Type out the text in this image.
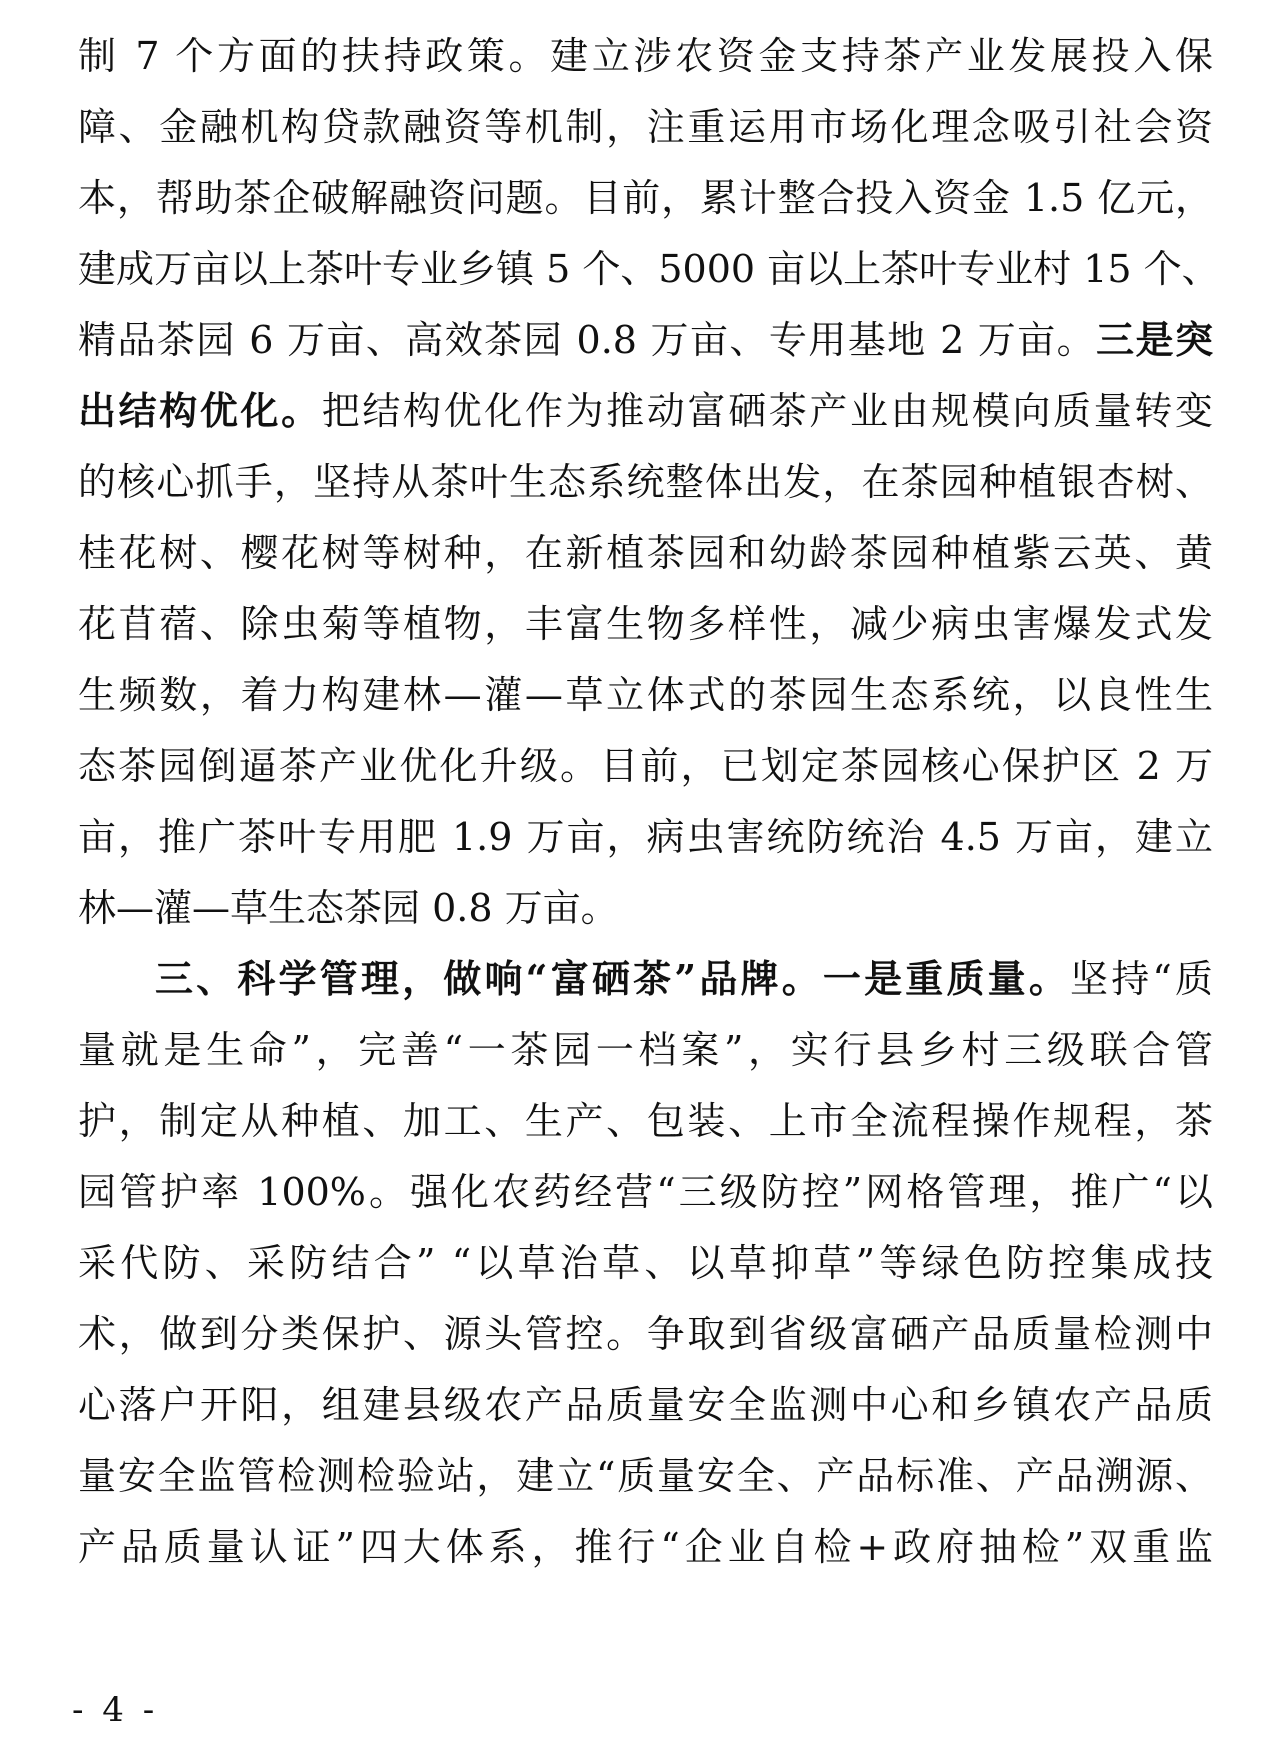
制 7 个方面的扶持政策。建立涉农资金支持茶产业发展投入保
障、金融机构贷款融资等机制，注重运用市场化理念吸引社会资
本，帮助茶企破解融资问题。目前，累计整合投入资金 1.5 亿元，
建成万亩以上茶叶专业乡镇 5 个、5000 亩以上茶叶专业村 15 个、
精品茶园 6 万亩、高效茶园 0.8 万亩、专用基地 2 万亩。三是突
出结构优化。把结构优化作为推动富硒茶产业由规模向质量转变
的核心抓手，坚持从茶叶生态系统整体出发，在茶园种植银杏树、
桂花树、樱花树等树种，在新植茶园和幼龄茶园种植紫云英、黄
花苜蓿、除虫菊等植物，丰富生物多样性，减少病虫害爆发式发
生频数，着力构建林—灌—草立体式的茶园生态系统，以良性生
态茶园倒逼茶产业优化升级。目前，已划定茶园核心保护区 2 万
亩，推广茶叶专用肥 1.9 万亩，病虫害统防统治 4.5 万亩，建立
林—灌—草生态茶园 0.8 万亩。
三、科学管理，做响“富硒茶”品牌。一是重质量。坚持“质
量就是生命”，完善“一茶园一档案”，实行县乡村三级联合管
护，制定从种植、加工、生产、包装、上市全流程操作规程，茶
园管护率 100%。强化农药经营“三级防控”网格管理，推广“以
采代防、采防结合” “以草治草、以草抑草”等绿色防控集成技
术，做到分类保护、源头管控。争取到省级富硒产品质量检测中
心落户开阳，组建县级农产品质量安全监测中心和乡镇农产品质
量安全监管检测检验站，建立“质量安全、产品标准、产品溯源、
产品质量认证”四大体系，推行“企业自检+政府抽检”双重监
- 4 -
